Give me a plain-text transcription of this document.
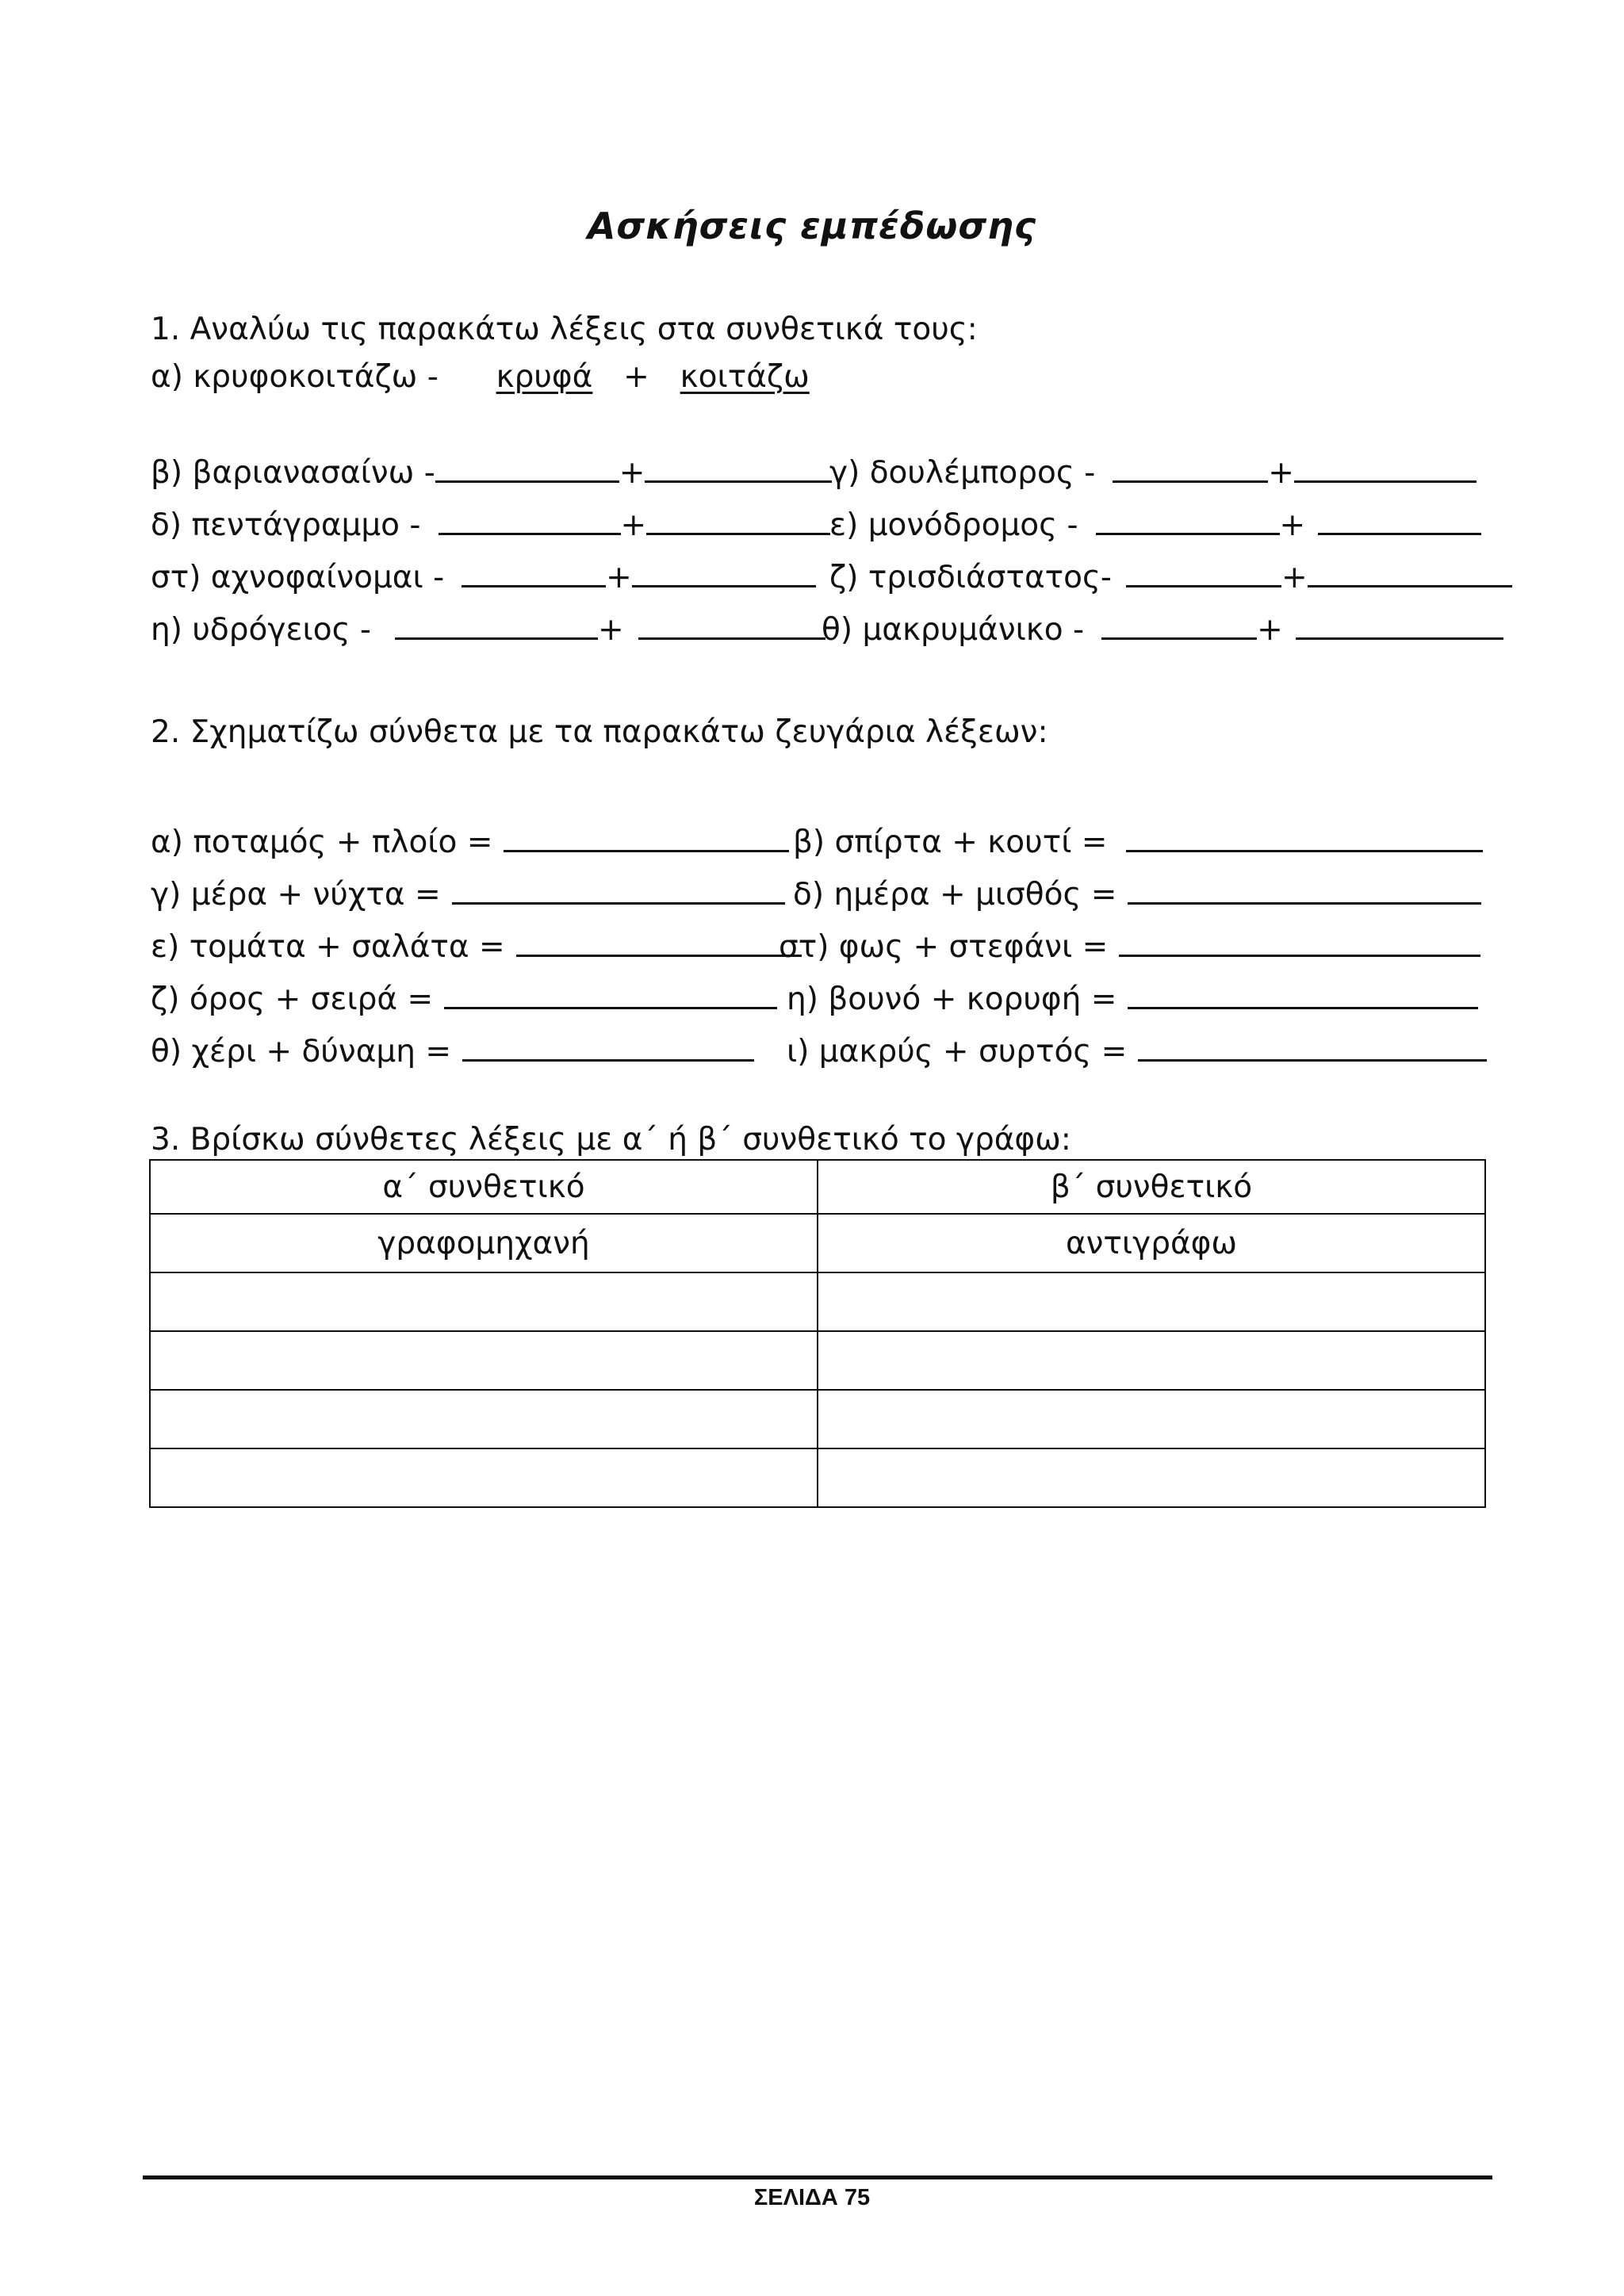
Ασκήσεις εμπέδωσης
1. Αναλύω τις παρακάτω λέξεις στα συνθετικά τους:
α) κρυφοκοιτάζω - κρυφά + κοιτάζω
β) βαριανασαίνω -	+	γ) δουλέμπορος -	+
δ) πεντάγραμμο -	+	ε) μονόδρομος -	+
στ) αχνοφαίνομαι -	+	ζ) τρισδιάστατος-	+
η) υδρόγειος -	+	θ) μακρυμάνικο -	+
2. Σχηματίζω σύνθετα με τα παρακάτω ζευγάρια λέξεων:
α) ποταμός + πλοίο =	β) σπίρτα + κουτί =
γ) μέρα + νύχτα =	δ) ημέρα + μισθός =
ε) τομάτα + σαλάτα =	στ) φως + στεφάνι =
ζ) όρος + σειρά =	η) βουνό + κορυφή =
θ) χέρι + δύναμη =	ι) μακρύς + συρτός =
3. Βρίσκω σύνθετες λέξεις με α΄ ή β΄ συνθετικό το γράφω:
α΄ συνθετικό	β΄ συνθετικό
γραφομηχανή	αντιγράφω

ΣΕΛΙΔΑ 75
